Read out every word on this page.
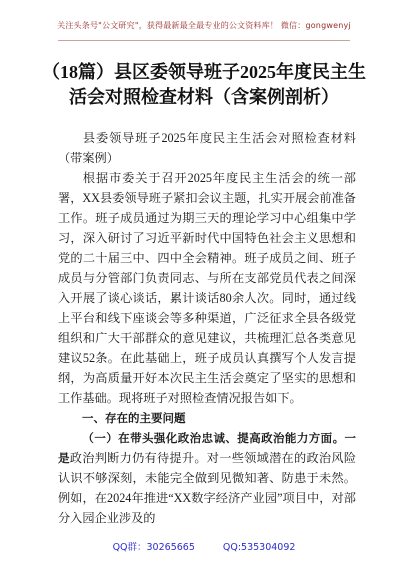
关注头条号"公文研究"，获得最新最全最专业的公文资料库！ 微信：gongwenyj
（18篇）县区委领导班子2025年度民主生活会对照检查材料（含案例剖析）
县委领导班子2025年度民主生活会对照检查材料（带案例）
根据市委关于召开2025年度民主生活会的统一部署，XX县委领导班子紧扣会议主题，扎实开展会前准备工作。班子成员通过为期三天的理论学习中心组集中学习，深入研讨了习近平新时代中国特色社会主义思想和党的二十届三中、四中全会精神。班子成员之间、班子成员与分管部门负责同志、与所在支部党员代表之间深入开展了谈心谈话，累计谈话80余人次。同时，通过线上平台和线下座谈会等多种渠道，广泛征求全县各级党组织和广大干部群众的意见建议，共梳理汇总各类意见建议52条。在此基础上，班子成员认真撰写个人发言提纲，为高质量开好本次民主生活会奠定了坚实的思想和工作基础。现将班子对照检查情况报告如下。
一、存在的主要问题
（一）在带头强化政治忠诚、提高政治能力方面。一是政治判断力仍有待提升。对一些领域潜在的政治风险认识不够深刻，未能完全做到见微知著、防患于未然。例如，在2024年推进“XX数字经济产业园”项目中，对部分入园企业涉及的
QQ群：30265665	QQ:535304092
